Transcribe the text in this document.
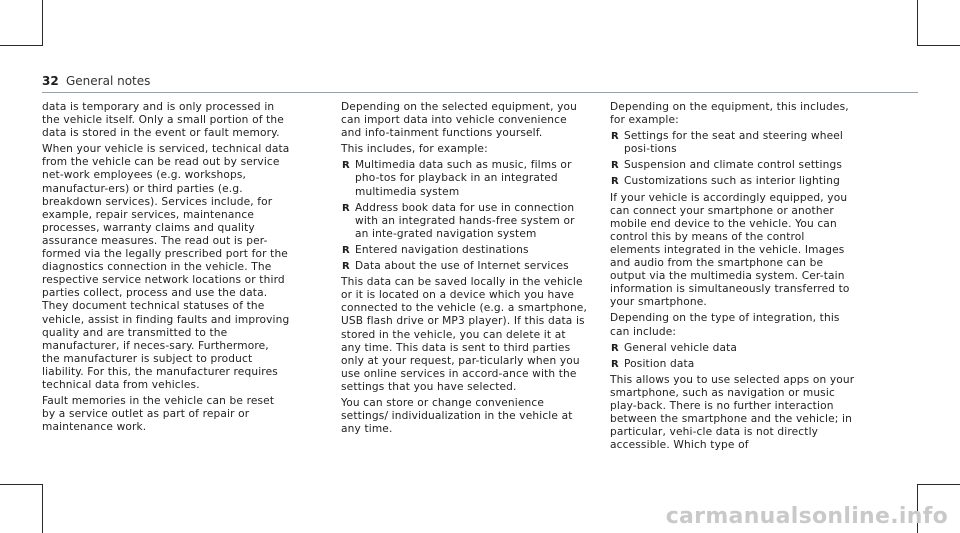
32 General notes

data is temporary and is only processed in the vehicle itself. Only a small portion of the data is stored in the event or fault memory.

When your vehicle is serviced, technical data from the vehicle can be read out by service net-work employees (e.g. workshops, manufactur-ers) or third parties (e.g. breakdown services). Services include, for example, repair services, maintenance processes, warranty claims and quality assurance measures. The read out is per-formed via the legally prescribed port for the diagnostics connection in the vehicle. The respective service network locations or third parties collect, process and use the data. They document technical statuses of the vehicle, assist in finding faults and improving quality and are transmitted to the manufacturer, if neces-sary. Furthermore, the manufacturer is subject to product liability. For this, the manufacturer requires technical data from vehicles.

Fault memories in the vehicle can be reset by a service outlet as part of repair or maintenance work.

Depending on the selected equipment, you can import data into vehicle convenience and info-tainment functions yourself.

This includes, for example:

R Multimedia data such as music, films or pho-tos for playback in an integrated multimedia system
R Address book data for use in connection with an integrated hands-free system or an inte-grated navigation system
R Entered navigation destinations
R Data about the use of Internet services

This data can be saved locally in the vehicle or it is located on a device which you have connected to the vehicle (e.g. a smartphone, USB flash drive or MP3 player). If this data is stored in the vehicle, you can delete it at any time. This data is sent to third parties only at your request, par-ticularly when you use online services in accord-ance with the settings that you have selected.

You can store or change convenience settings/ individualization in the vehicle at any time.

Depending on the equipment, this includes, for example:

R Settings for the seat and steering wheel posi-tions
R Suspension and climate control settings
R Customizations such as interior lighting

If your vehicle is accordingly equipped, you can connect your smartphone or another mobile end device to the vehicle. You can control this by means of the control elements integrated in the vehicle. Images and audio from the smartphone can be output via the multimedia system. Cer-tain information is simultaneously transferred to your smartphone.

Depending on the type of integration, this can include:

R General vehicle data
R Position data

This allows you to use selected apps on your smartphone, such as navigation or music play-back. There is no further interaction between the smartphone and the vehicle; in particular, vehi-cle data is not directly accessible. Which type of

carmanualsonline.info
